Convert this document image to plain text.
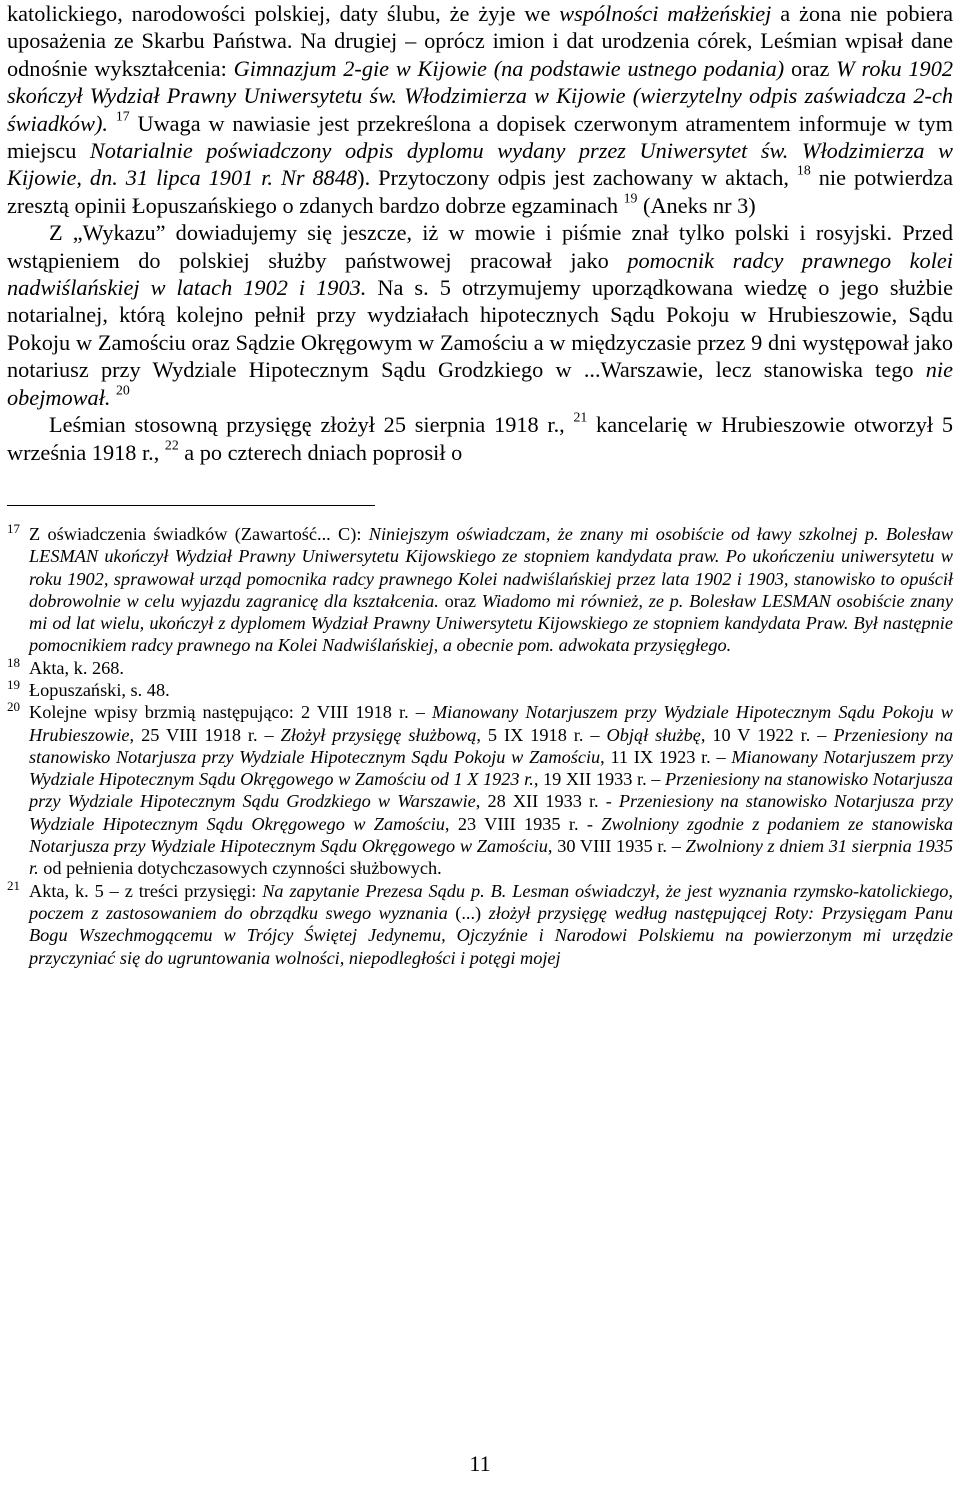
katolickiego, narodowości polskiej, daty ślubu, że żyje we wspólności małżeńskiej a żona nie pobiera uposażenia ze Skarbu Państwa. Na drugiej – oprócz imion i dat urodzenia córek, Leśmian wpisał dane odnośnie wykształcenia: Gimnazjum 2-gie w Kijowie (na podstawie ustnego podania) oraz W roku 1902 skończył Wydział Prawny Uniwersytetu św. Włodzimierza w Kijowie (wierzytelny odpis zaświadcza 2-ch świadków). $^{17}$ Uwaga w nawiasie jest przekreślona a dopisek czerwonym atramentem informuje w tym miejscu Notarialnie poświadczony odpis dyplomu wydany przez Uniwersytet św. Włodzimierza w Kijowie, dn. 31 lipca 1901 r. Nr 8848). Przytoczony odpis jest zachowany w aktach, $^{18}$ nie potwierdza zresztą opinii Łopuszańskiego o zdanych bardzo dobrze egzaminach $^{19}$ (Aneks nr 3)

Z „Wykazu” dowiadujemy się jeszcze, iż w mowie i piśmie znał tylko polski i rosyjski. Przed wstąpieniem do polskiej służby państwowej pracował jako pomocnik radcy prawnego kolei nadwiślańskiej w latach 1902 i 1903. Na s. 5 otrzymujemy uporządkowana wiedzę o jego służbie notarialnej, którą kolejno pełnił przy wydziałach hipotecznych Sądu Pokoju w Hrubieszowie, Sądu Pokoju w Zamościu oraz Sądzie Okręgowym w Zamościu a w międzyczasie przez 9 dni występował jako notariusz przy Wydziale Hipotecznym Sądu Grodzkiego w ...Warszawie, lecz stanowiska tego nie obejmował. $^{20}$

Leśmian stosowną przysięgę złożył 25 sierpnia 1918 r., $^{21}$ kancelarię w Hrubieszowie otworzył 5 września 1918 r., $^{22}$ a po czterech dniach poprosił o

17 Z oświadczenia świadków (Zawartość... C): Niniejszym oświadczam, że znany mi osobiście od ławy szkolnej p. Bolesław LESMAN ukończył Wydział Prawny Uniwersytetu Kijowskiego ze stopniem kandydata praw. Po ukończeniu uniwersytetu w roku 1902, sprawował urząd pomocnika radcy prawnego Kolei nadwiślańskiej przez lata 1902 i 1903, stanowisko to opuścił dobrowolnie w celu wyjazdu zagranicę dla kształcenia. oraz Wiadomo mi również, ze p. Bolesław LESMAN osobiście znany mi od lat wielu, ukończył z dyplomem Wydział Prawny Uniwersytetu Kijowskiego ze stopniem kandydata Praw. Był następnie pomocnikiem radcy prawnego na Kolei Nadwiślańskiej, a obecnie pom. adwokata przysięgłego.
18 Akta, k. 268.
19 Łopuszański, s. 48.
20 Kolejne wpisy brzmią następująco: 2 VIII 1918 r. – Mianowany Notarjuszem przy Wydziale Hipotecznym Sądu Pokoju w Hrubieszowie, 25 VIII 1918 r. – Złożył przysięgę służbową, 5 IX 1918 r. – Objął służbę, 10 V 1922 r. – Przeniesiony na stanowisko Notarjusza przy Wydziale Hipotecznym Sądu Pokoju w Zamościu, 11 IX 1923 r. – Mianowany Notarjuszem przy Wydziale Hipotecznym Sądu Okręgowego w Zamościu od 1 X 1923 r., 19 XII 1933 r. – Przeniesiony na stanowisko Notarjusza przy Wydziale Hipotecznym Sądu Grodzkiego w Warszawie, 28 XII 1933 r. - Przeniesiony na stanowisko Notarjusza przy Wydziale Hipotecznym Sądu Okręgowego w Zamościu, 23 VIII 1935 r. - Zwolniony zgodnie z podaniem ze stanowiska Notarjusza przy Wydziale Hipotecznym Sądu Okręgowego w Zamościu, 30 VIII 1935 r. – Zwolniony z dniem 31 sierpnia 1935 r. od pełnienia dotychczasowych czynności służbowych.
21 Akta, k. 5 – z treści przysięgi: Na zapytanie Prezesa Sądu p. B. Lesman oświadczył, że jest wyznania rzymsko-katolickiego, poczem z zastosowaniem do obrządku swego wyznania (...) złożył przysięgę według następującej Roty: Przysięgam Panu Bogu Wszechmogącemu w Trójcy Świętej Jedynemu, Ojczyźnie i Narodowi Polskiemu na powierzonym mi urzędzie przyczyniać się do ugruntowania wolności, niepodległości i potęgi mojej
11
